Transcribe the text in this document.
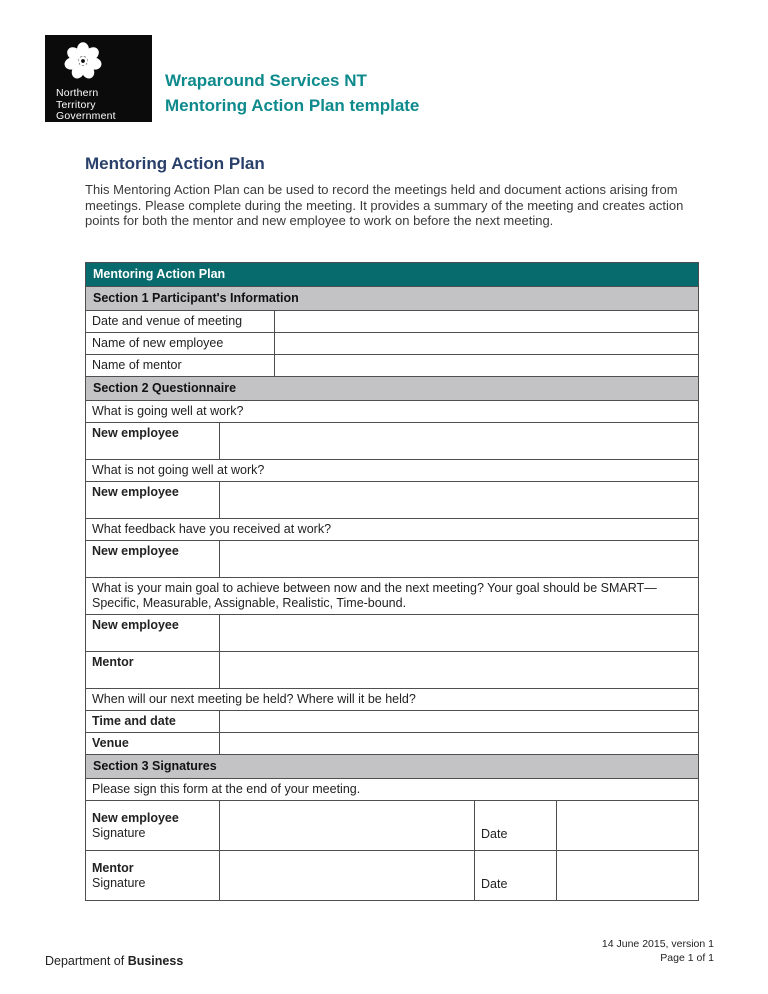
Northern
Territory
Government
Wraparound Services NT
Mentoring Action Plan template
Mentoring Action Plan
This Mentoring Action Plan can be used to record the meetings held and document actions arising from meetings. Please complete during the meeting. It provides a summary of the meeting and creates action points for both the mentor and new employee to work on before the next meeting.
Mentoring Action Plan
Section 1 Participant's Information
Date and venue of meeting
Name of new employee
Name of mentor
Section 2 Questionnaire
What is going well at work?
New employee
What is not going well at work?
New employee
What feedback have you received at work?
New employee
What is your main goal to achieve between now and the next meeting? Your goal should be SMART—Specific, Measurable, Assignable, Realistic, Time-bound.
New employee
Mentor
When will our next meeting be held? Where will it be held?
Time and date
Venue
Section 3 Signatures
Please sign this form at the end of your meeting.
New employee
Signature	Date
Mentor
Signature	Date
Department of Business
14 June 2015, version 1
Page 1 of 1
